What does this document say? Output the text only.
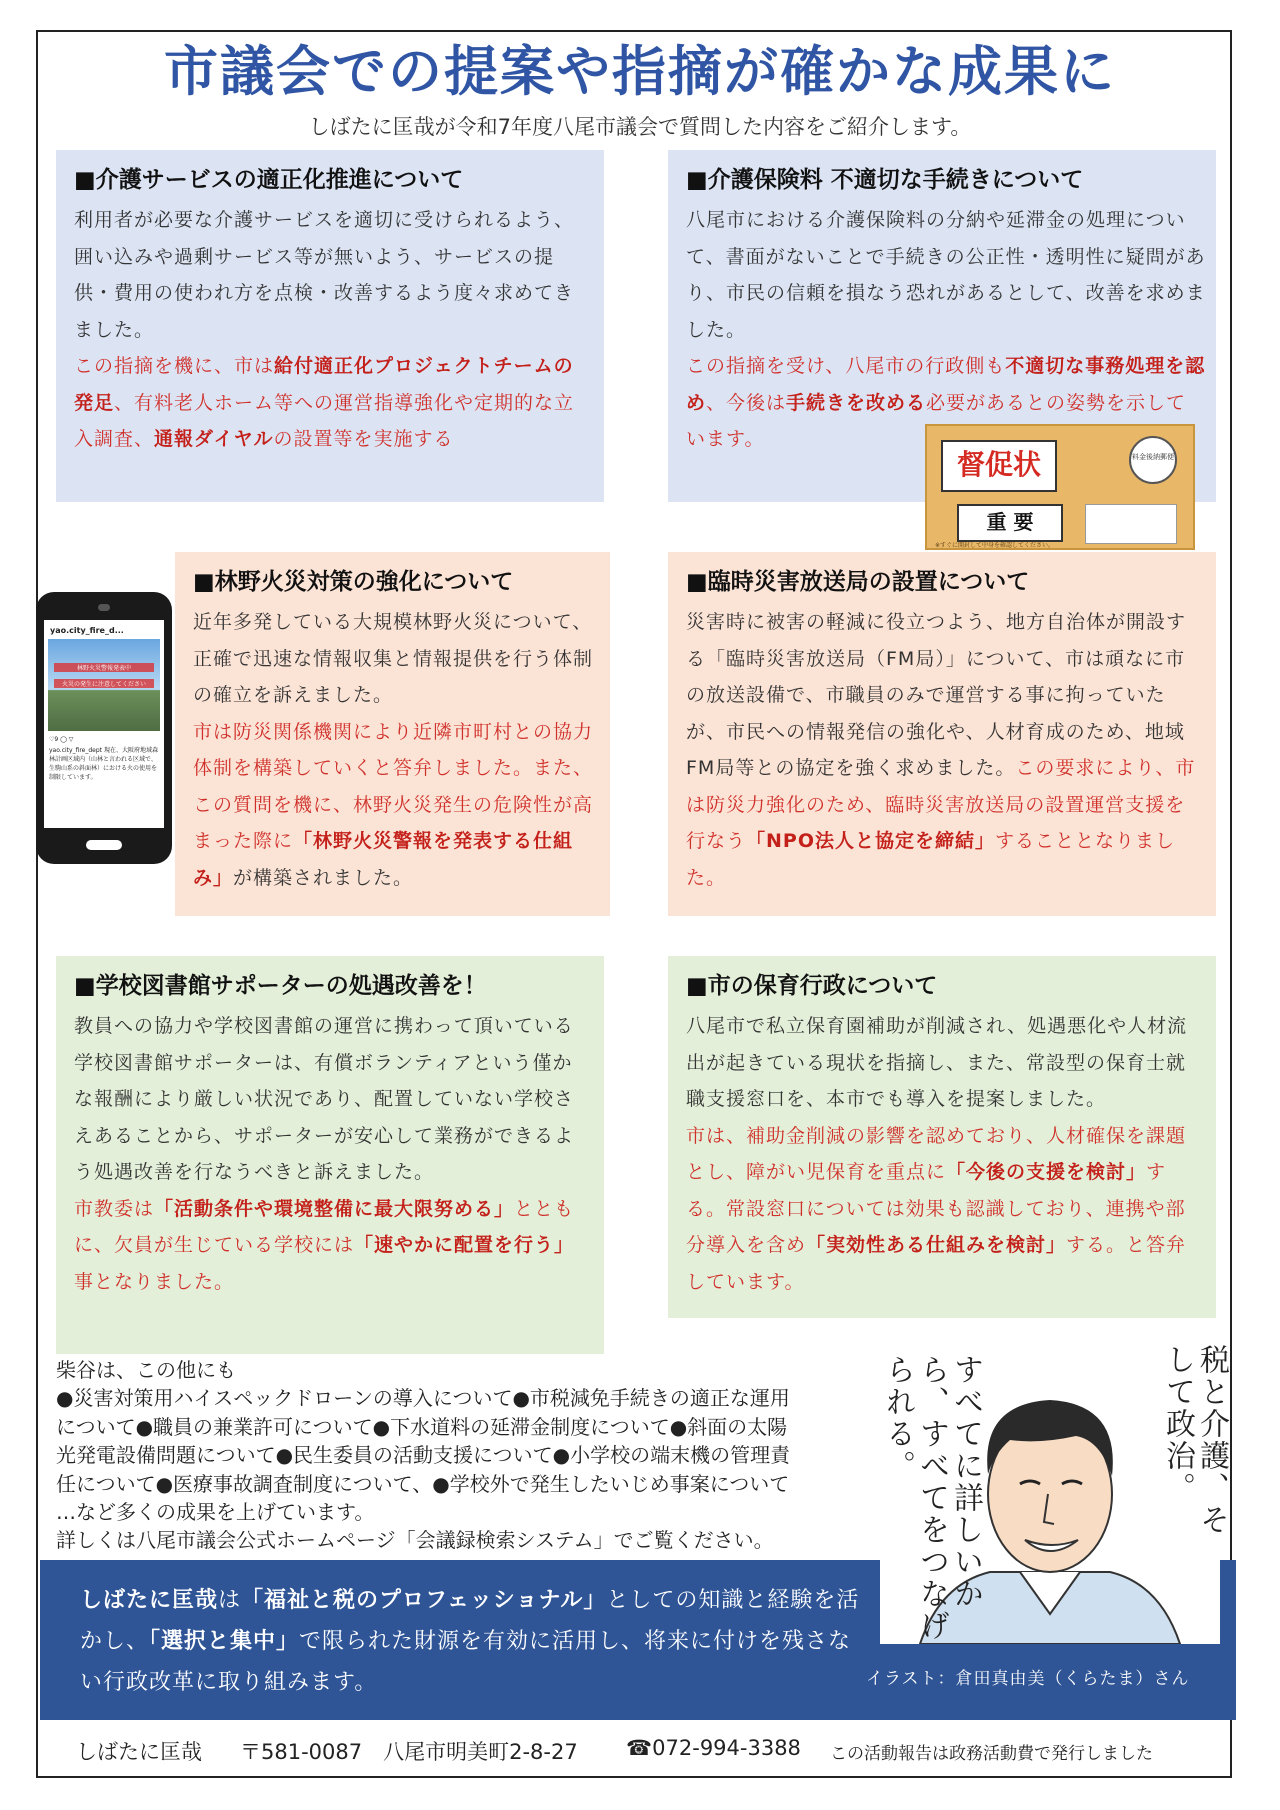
市議会での提案や指摘が確かな成果に
しばたに匡哉が令和7年度八尾市議会で質問した内容をご紹介します。
■介護サービスの適正化推進について

利用者が必要な介護サービスを適切に受けられるよう、囲い込みや過剰サービス等が無いよう、サービスの提供・費用の使われ方を点検・改善するよう度々求めてきました。
この指摘を機に、市は給付適正化プロジェクトチームの発足、有料老人ホーム等への運営指導強化や定期的な立入調査、通報ダイヤルの設置等を実施する

■介護保険料 不適切な手続きについて

八尾市における介護保険料の分納や延滞金の処理について、書面がないことで手続きの公正性・透明性に疑問があり、市民の信頼を損なう恐れがあるとして、改善を求めました。
この指摘を受け、八尾市の行政側も不適切な事務処理を認め、今後は手続きを改める必要があるとの姿勢を示しています。

督促状
重 要
料金後納郵便
※すぐに開封して中身を確認してください。
■林野火災対策の強化について

近年多発している大規模林野火災について、正確で迅速な情報収集と情報提供を行う体制の確立を訴えました。
市は防災関係機関により近隣市町村との協力体制を構築していくと答弁しました。また、この質問を機に、林野火災発生の危険性が高まった際に「林野火災警報を発表する仕組み」が構築されました。

yao.city_fire_d...
林野火災警報発表中
火災の発生に注意してください
♡9 ◯ ▽
yao.city_fire_dept 現在、大阪府地域森林計画区域内（山林と言われる区域で、生駒山系の斜面林）における火の使用を制限しています。
■臨時災害放送局の設置について

災害時に被害の軽減に役立つよう、地方自治体が開設する「臨時災害放送局（FM局）」について、市は頑なに市の放送設備で、市職員のみで運営する事に拘っていたが、市民への情報発信の強化や、人材育成のため、地域FM局等との協定を強く求めました。この要求により、市は防災力強化のため、臨時災害放送局の設置運営支援を行なう「NPO法人と協定を締結」することとなりました。

■学校図書館サポーターの処遇改善を！

教員への協力や学校図書館の運営に携わって頂いている学校図書館サポーターは、有償ボランティアという僅かな報酬により厳しい状況であり、配置していない学校さえあることから、サポーターが安心して業務ができるよう処遇改善を行なうべきと訴えました。
市教委は「活動条件や環境整備に最大限努める」とともに、欠員が生じている学校には「速やかに配置を行う」事となりました。

■市の保育行政について

八尾市で私立保育園補助が削減され、処遇悪化や人材流出が起きている現状を指摘し、また、常設型の保育士就職支援窓口を、本市でも導入を提案しました。
市は、補助金削減の影響を認めており、人材確保を課題とし、障がい児保育を重点に「今後の支援を検討」する。常設窓口については効果も認識しており、連携や部分導入を含め「実効性ある仕組みを検討」する。と答弁しています。

柴谷は、この他にも
●災害対策用ハイスペックドローンの導入について●市税減免手続きの適正な運用
について●職員の兼業許可について●下水道料の延滞金制度について●斜面の太陽
光発電設備問題について●民生委員の活動支援について●小学校の端末機の管理責
任について●医療事故調査制度について、●学校外で発生したいじめ事案について
…など多くの成果を上げています。
詳しくは八尾市議会公式ホームページ「会議録検索システム」でご覧ください。

しばたに匡哉は「福祉と税のプロフェッショナル」としての知識と経験を活かし、「選択と集中」で限られた財源を有効に活用し、将来に付けを残さない行政改革に取り組みます。

税と介護、そして政治。
すべてに詳しいから、すべてをつなげられる。
イラスト：倉田真由美（くらたま）さん
しばたに匡哉 〒581-0087　八尾市明美町2-8-27 ☎072-994-3388 この活動報告は政務活動費で発行しました
